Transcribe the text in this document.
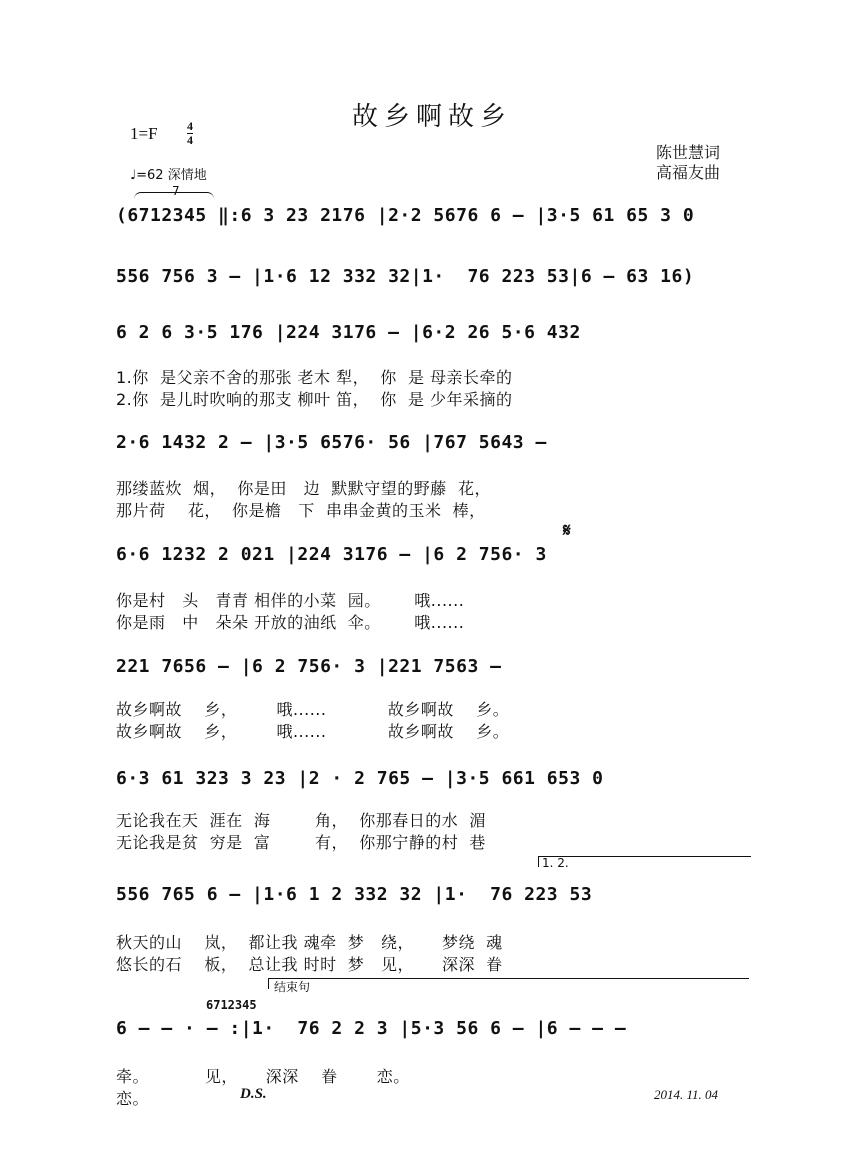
故乡啊故乡
1=F 4
4
♩=62 深情地
陈世慧词
高福友曲
7
(6712345 ‖:6 3 23 2176 |2·2 5676 6 – |3·5 61 65 3 0
556 756 3 – |1·6 12 332 32|1·  76 223 53|6 – 63 16)
6 2 6 3·5 176 |224 3176 – |6·2 26 5·6 432
1.你  是父亲不舍的那张 老木 犁，  你  是 母亲长牵的
2.你  是儿时吹响的那支 柳叶 笛，  你  是 少年采摘的
2·6 1432 2 – |3·5 6576· 56 |767 5643 –
那缕蓝炊  烟，  你是田   边  默默守望的野藤  花，
那片荷    花，  你是檐   下  串串金黄的玉米  棒，
𝄋
6·6 1232 2 021 |224 3176 – |6 2 756· 3
你是村   头   青青 相伴的小菜  园。      哦......
你是雨   中   朵朵 开放的油纸  伞。      哦......
221 7656 – |6 2 756· 3 |221 7563 –
故乡啊故    乡，       哦......           故乡啊故    乡。
故乡啊故    乡，       哦......           故乡啊故    乡。
6·3 61 323 3 23 |2 · 2 765 – |3·5 661 653 0
无论我在天  涯在  海        角，  你那春日的水  湄
无论我是贫  穷是  富        有，  你那宁静的村  巷
1. 2.
556 765 6 – |1·6 1 2 332 32 |1·  76 223 53
秋天的山    岚，  都让我 魂牵  梦   绕，     梦绕  魂
悠长的石    板，  总让我 时时  梦   见，     深深  眷
结束句
6712345
6 – – · – :|1·  76 2 2 3 |5·3 56 6 – |6 – – –
牵。          见，     深深    眷       恋。
恋。	D.S.	2014. 11. 04
